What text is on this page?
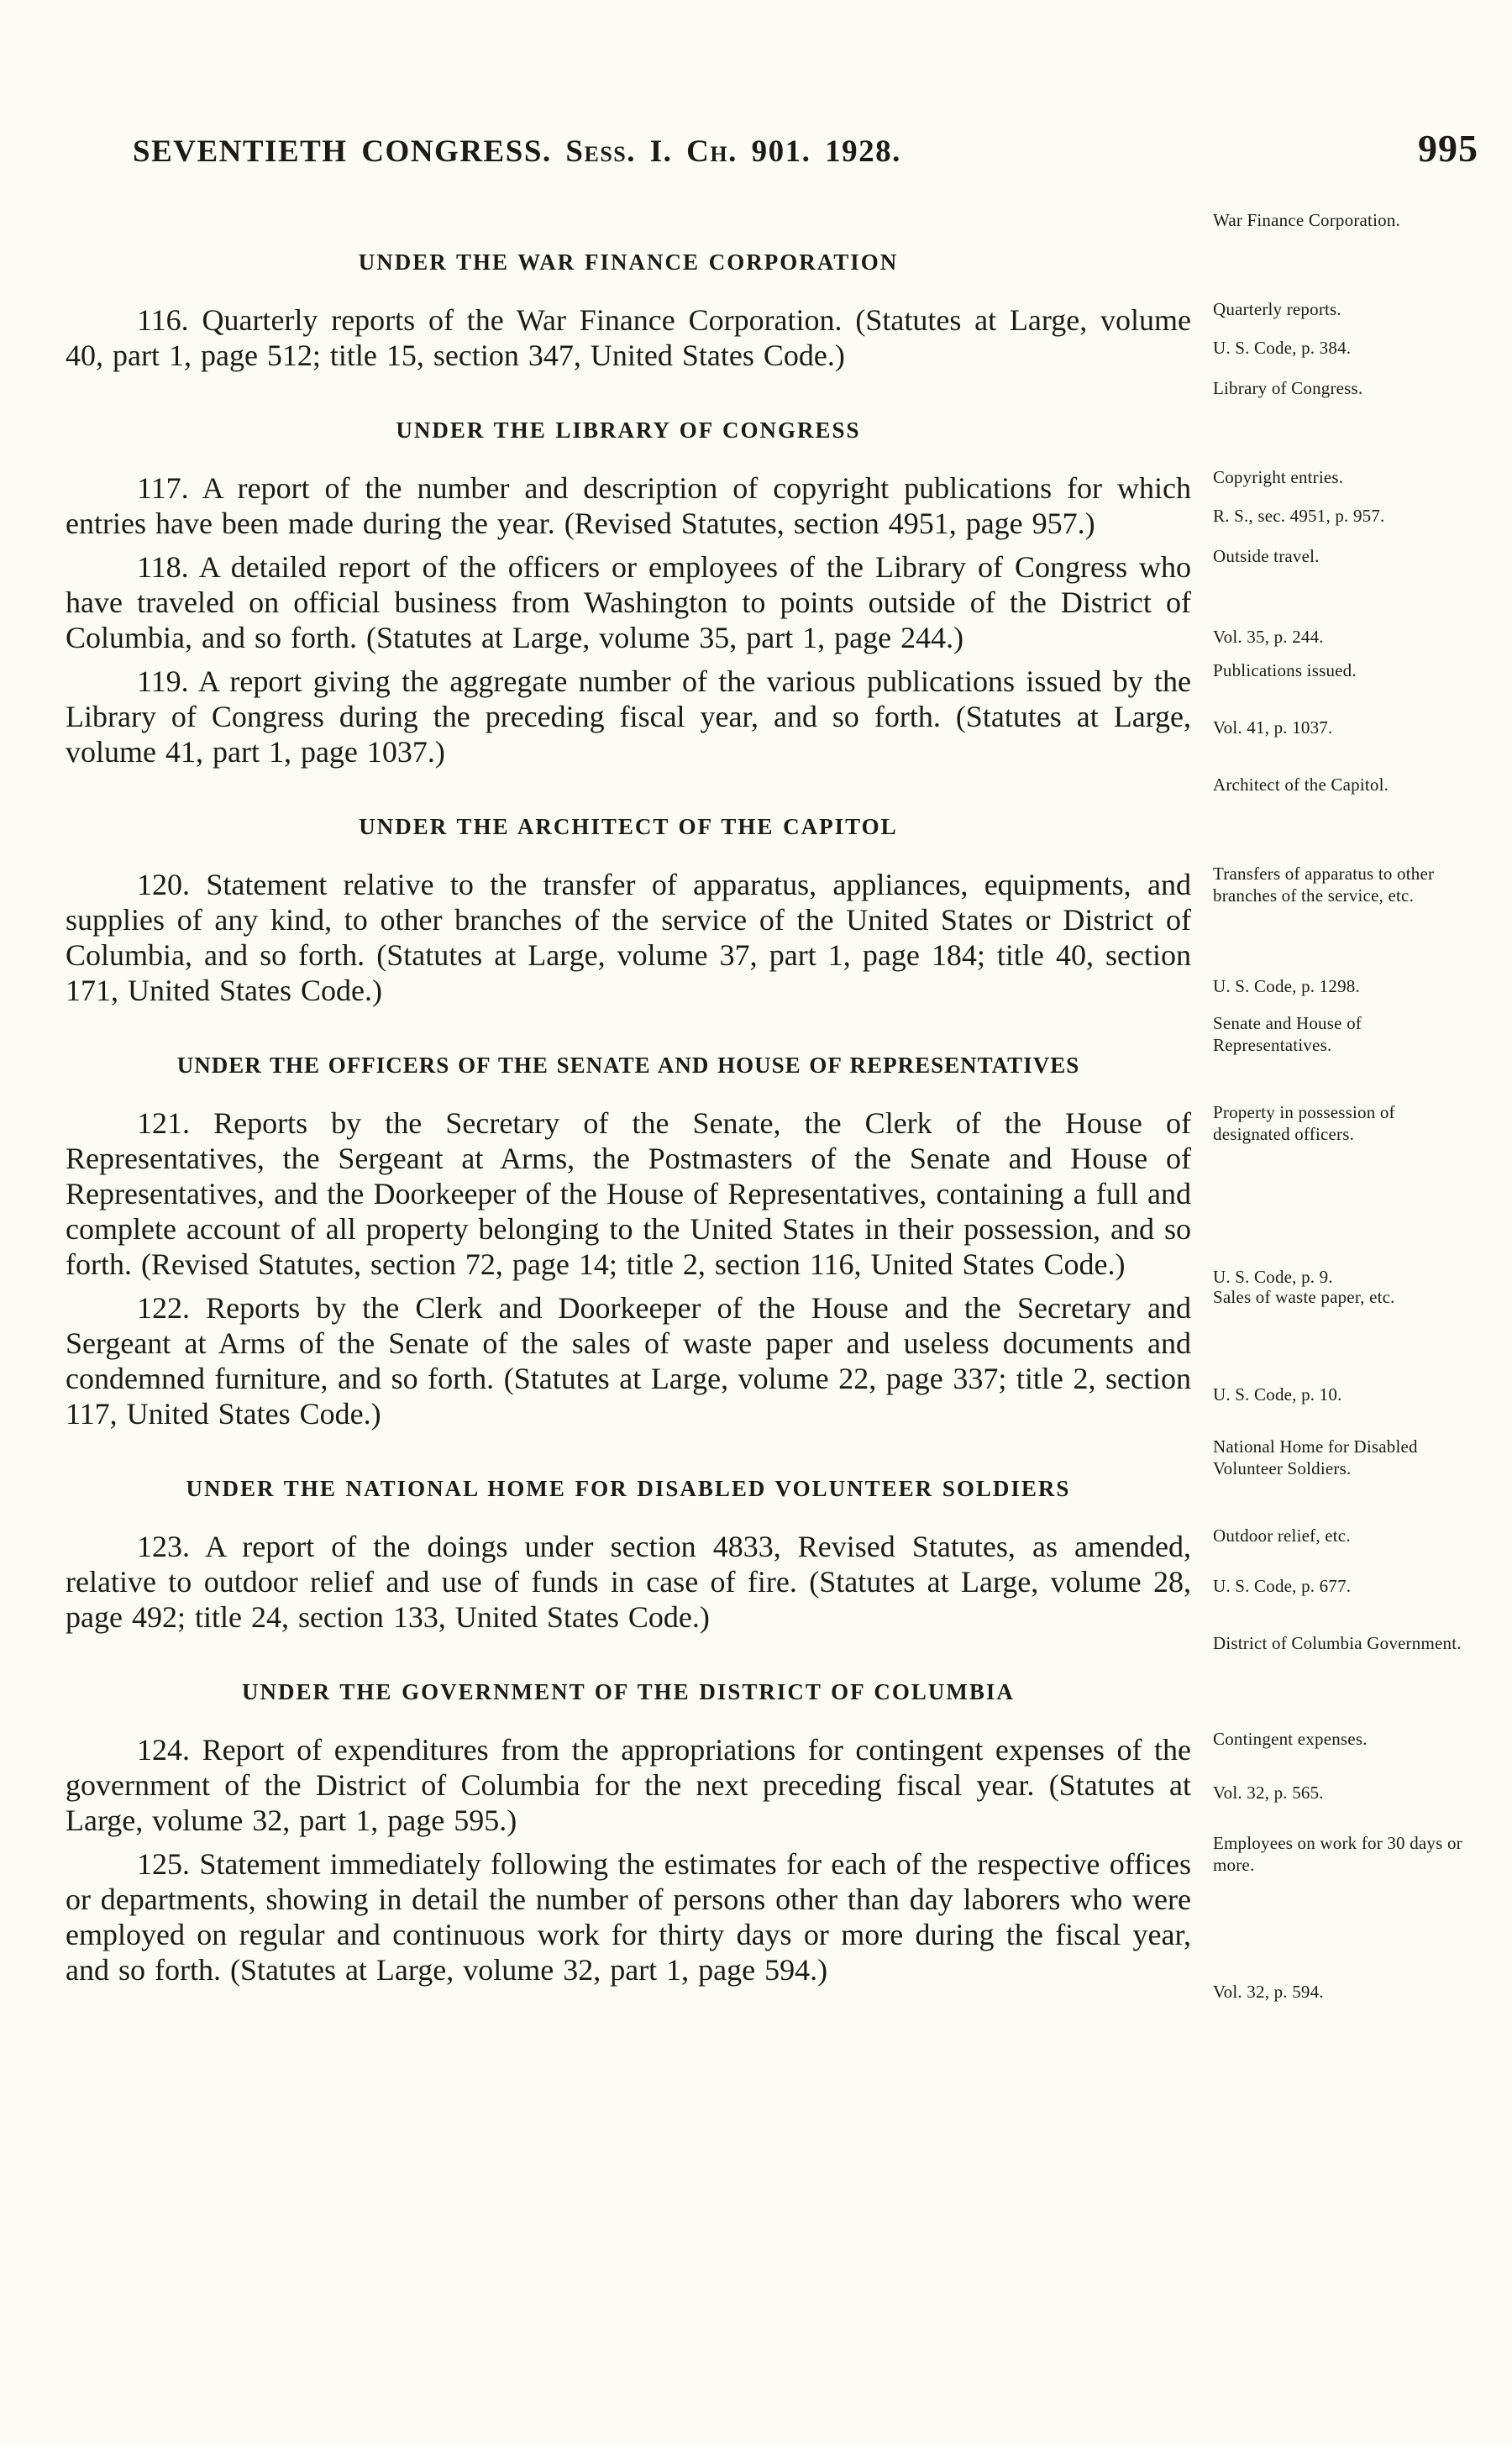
SEVENTIETH CONGRESS. Sess. I. Ch. 901. 1928.	995
UNDER THE WAR FINANCE CORPORATION
War Finance Corporation.
116. Quarterly reports of the War Finance Corporation. (Statutes at Large, volume 40, part 1, page 512; title 15, section 347, United States Code.)
Quarterly reports.
U. S. Code, p. 384.
UNDER THE LIBRARY OF CONGRESS
Library of Congress.
117. A report of the number and description of copyright publications for which entries have been made during the year. (Revised Statutes, section 4951, page 957.)
Copyright entries.
R. S., sec. 4951, p. 957.
118. A detailed report of the officers or employees of the Library of Congress who have traveled on official business from Washington to points outside of the District of Columbia, and so forth. (Statutes at Large, volume 35, part 1, page 244.)
Outside travel.
Vol. 35, p. 244.
119. A report giving the aggregate number of the various publications issued by the Library of Congress during the preceding fiscal year, and so forth. (Statutes at Large, volume 41, part 1, page 1037.)
Publications issued.
Vol. 41, p. 1037.
UNDER THE ARCHITECT OF THE CAPITOL
Architect of the Capitol.
120. Statement relative to the transfer of apparatus, appliances, equipments, and supplies of any kind, to other branches of the service of the United States or District of Columbia, and so forth. (Statutes at Large, volume 37, part 1, page 184; title 40, section 171, United States Code.)
Transfers of apparatus to other branches of the service, etc.
U. S. Code, p. 1298.
UNDER THE OFFICERS OF THE SENATE AND HOUSE OF REPRESENTATIVES
Senate and House of Representatives.
121. Reports by the Secretary of the Senate, the Clerk of the House of Representatives, the Sergeant at Arms, the Postmasters of the Senate and House of Representatives, and the Doorkeeper of the House of Representatives, containing a full and complete account of all property belonging to the United States in their possession, and so forth. (Revised Statutes, section 72, page 14; title 2, section 116, United States Code.)
Property in possession of designated officers.
U. S. Code, p. 9.
122. Reports by the Clerk and Doorkeeper of the House and the Secretary and Sergeant at Arms of the Senate of the sales of waste paper and useless documents and condemned furniture, and so forth. (Statutes at Large, volume 22, page 337; title 2, section 117, United States Code.)
Sales of waste paper, etc.
U. S. Code, p. 10.
UNDER THE NATIONAL HOME FOR DISABLED VOLUNTEER SOLDIERS
National Home for Disabled Volunteer Soldiers.
123. A report of the doings under section 4833, Revised Statutes, as amended, relative to outdoor relief and use of funds in case of fire. (Statutes at Large, volume 28, page 492; title 24, section 133, United States Code.)
Outdoor relief, etc.
U. S. Code, p. 677.
UNDER THE GOVERNMENT OF THE DISTRICT OF COLUMBIA
District of Columbia Government.
124. Report of expenditures from the appropriations for contingent expenses of the government of the District of Columbia for the next preceding fiscal year. (Statutes at Large, volume 32, part 1, page 595.)
Contingent expenses.
Vol. 32, p. 565.
125. Statement immediately following the estimates for each of the respective offices or departments, showing in detail the number of persons other than day laborers who were employed on regular and continuous work for thirty days or more during the fiscal year, and so forth. (Statutes at Large, volume 32, part 1, page 594.)
Employees on work for 30 days or more.
Vol. 32, p. 594.
